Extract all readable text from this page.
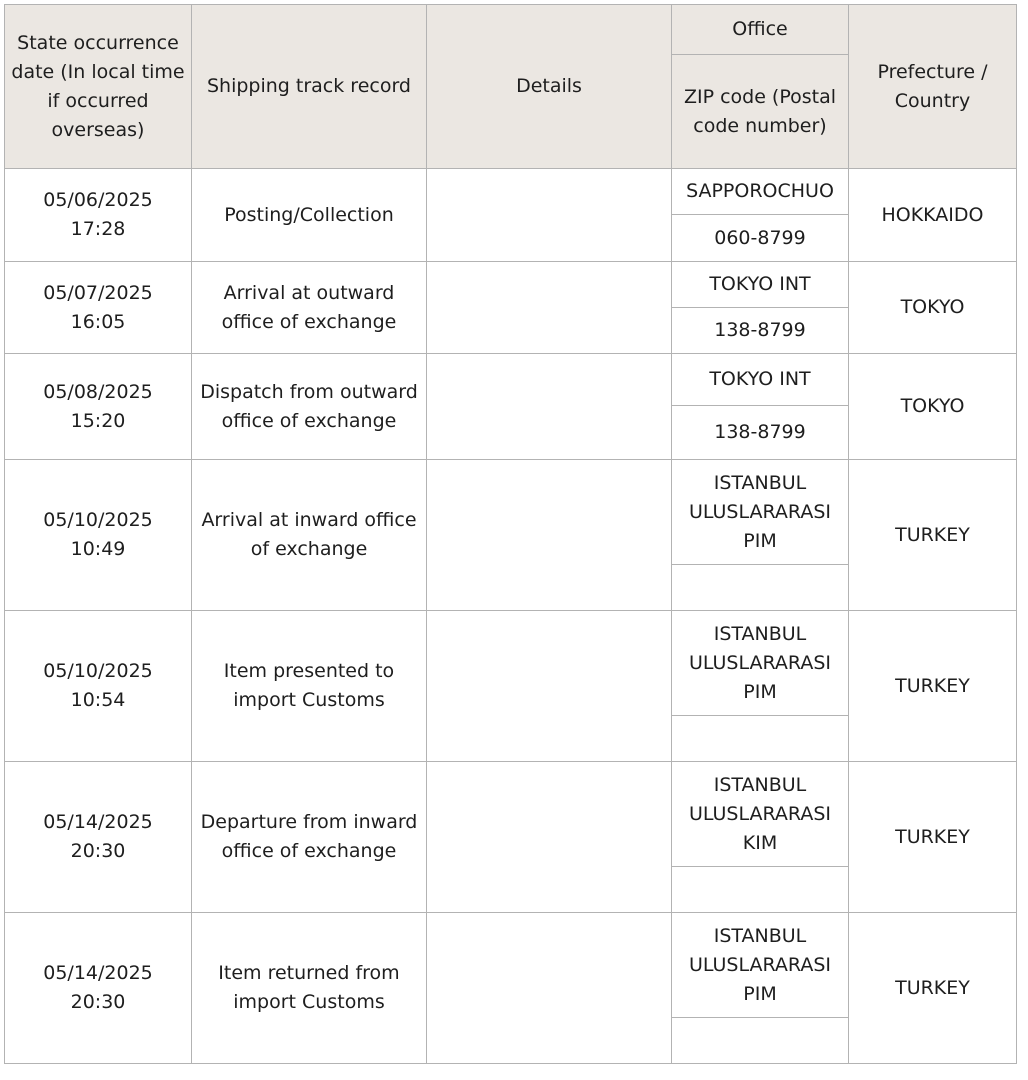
State occurrence date (In local time if occurred overseas)	Shipping track record	Details	Office	Prefecture / Country
			ZIP code (Postal code number)	
05/06/2025
17:28	Posting/Collection		SAPPOROCHUO	HOKKAIDO
			060-8799	
05/07/2025
16:05	Arrival at outward office of exchange		TOKYO INT	TOKYO
			138-8799	
05/08/2025
15:20	Dispatch from outward office of exchange		TOKYO INT	TOKYO
			138-8799	
05/10/2025
10:49	Arrival at inward office of exchange		ISTANBUL ULUSLARARASI PIM	TURKEY

05/10/2025
10:54	Item presented to import Customs		ISTANBUL ULUSLARARASI PIM	TURKEY

05/14/2025
20:30	Departure from inward office of exchange		ISTANBUL ULUSLARARASI KIM	TURKEY

05/14/2025
20:30	Item returned from import Customs		ISTANBUL ULUSLARARASI PIM	TURKEY
